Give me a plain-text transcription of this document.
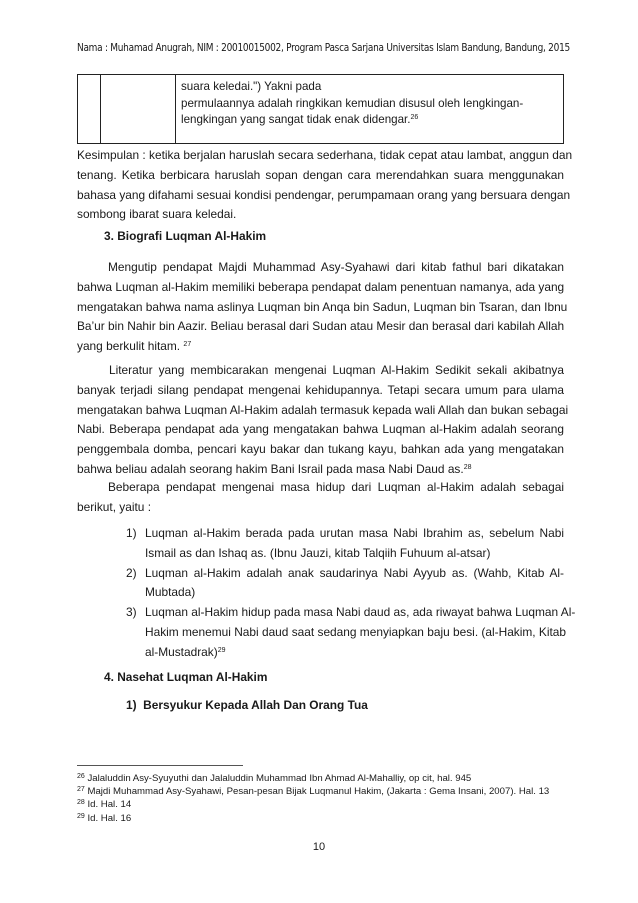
Nama : Muhamad Anugrah, NIM : 20010015002, Program Pasca Sarjana Universitas Islam Bandung, Bandung, 2015

suara keledai.") Yakni pada

permulaannya adalah ringkikan kemudian disusul oleh lengkingan-

lengkingan yang sangat tidak enak didengar.$^{26}$

Kesimpulan : ketika berjalan haruslah secara sederhana, tidak cepat atau lambat, anggun dan
tenang. Ketika berbicara haruslah sopan dengan cara merendahkan suara menggunakan
bahasa yang difahami sesuai kondisi pendengar, perumpamaan orang yang bersuara dengan
sombong ibarat suara keledai.
3. Biografi Luqman Al-Hakim
Mengutip pendapat Majdi Muhammad Asy-Syahawi dari kitab fathul bari dikatakan
bahwa Luqman al-Hakim memiliki beberapa pendapat dalam penentuan namanya, ada yang
mengatakan bahwa nama aslinya Luqman bin Anqa bin Sadun, Luqman bin Tsaran, dan Ibnu
Ba’ur bin Nahir bin Aazir. Beliau berasal dari Sudan atau Mesir dan berasal dari kabilah Allah
yang berkulit hitam. $^{27}$
Literatur yang membicarakan mengenai Luqman Al-Hakim Sedikit sekali akibatnya
banyak terjadi silang pendapat mengenai kehidupannya. Tetapi secara umum para ulama
mengatakan bahwa Luqman Al-Hakim adalah termasuk kepada wali Allah dan bukan sebagai
Nabi. Beberapa pendapat ada yang mengatakan bahwa Luqman al-Hakim adalah seorang
penggembala domba, pencari kayu bakar dan tukang kayu, bahkan ada yang mengatakan
bahwa beliau adalah seorang hakim Bani Israil pada masa Nabi Daud as.$^{28}$
Beberapa pendapat mengenai masa hidup dari Luqman al-Hakim adalah sebagai
berikut, yaitu :
1) Luqman al-Hakim berada pada urutan masa Nabi Ibrahim as, sebelum Nabi
Ismail as dan Ishaq as. (Ibnu Jauzi, kitab Talqiih Fuhuum al-atsar)
2) Luqman al-Hakim adalah anak saudarinya Nabi Ayyub as. (Wahb, Kitab Al-
Mubtada)
3) Luqman al-Hakim hidup pada masa Nabi daud as, ada riwayat bahwa Luqman Al-
Hakim menemui Nabi daud saat sedang menyiapkan baju besi. (al-Hakim, Kitab
al-Mustadrak)$^{29}$
4. Nasehat Luqman Al-Hakim
1)  Bersyukur Kepada Allah Dan Orang Tua
$^{26}$ Jalaluddin Asy-Syuyuthi dan Jalaluddin Muhammad Ibn Ahmad Al-Mahalliy, op cit, hal. 945
$^{27}$ Majdi Muhammad Asy-Syahawi, Pesan-pesan Bijak Luqmanul Hakim, (Jakarta : Gema Insani, 2007). Hal. 13
$^{28}$ Id. Hal. 14
$^{29}$ Id. Hal. 16
10
